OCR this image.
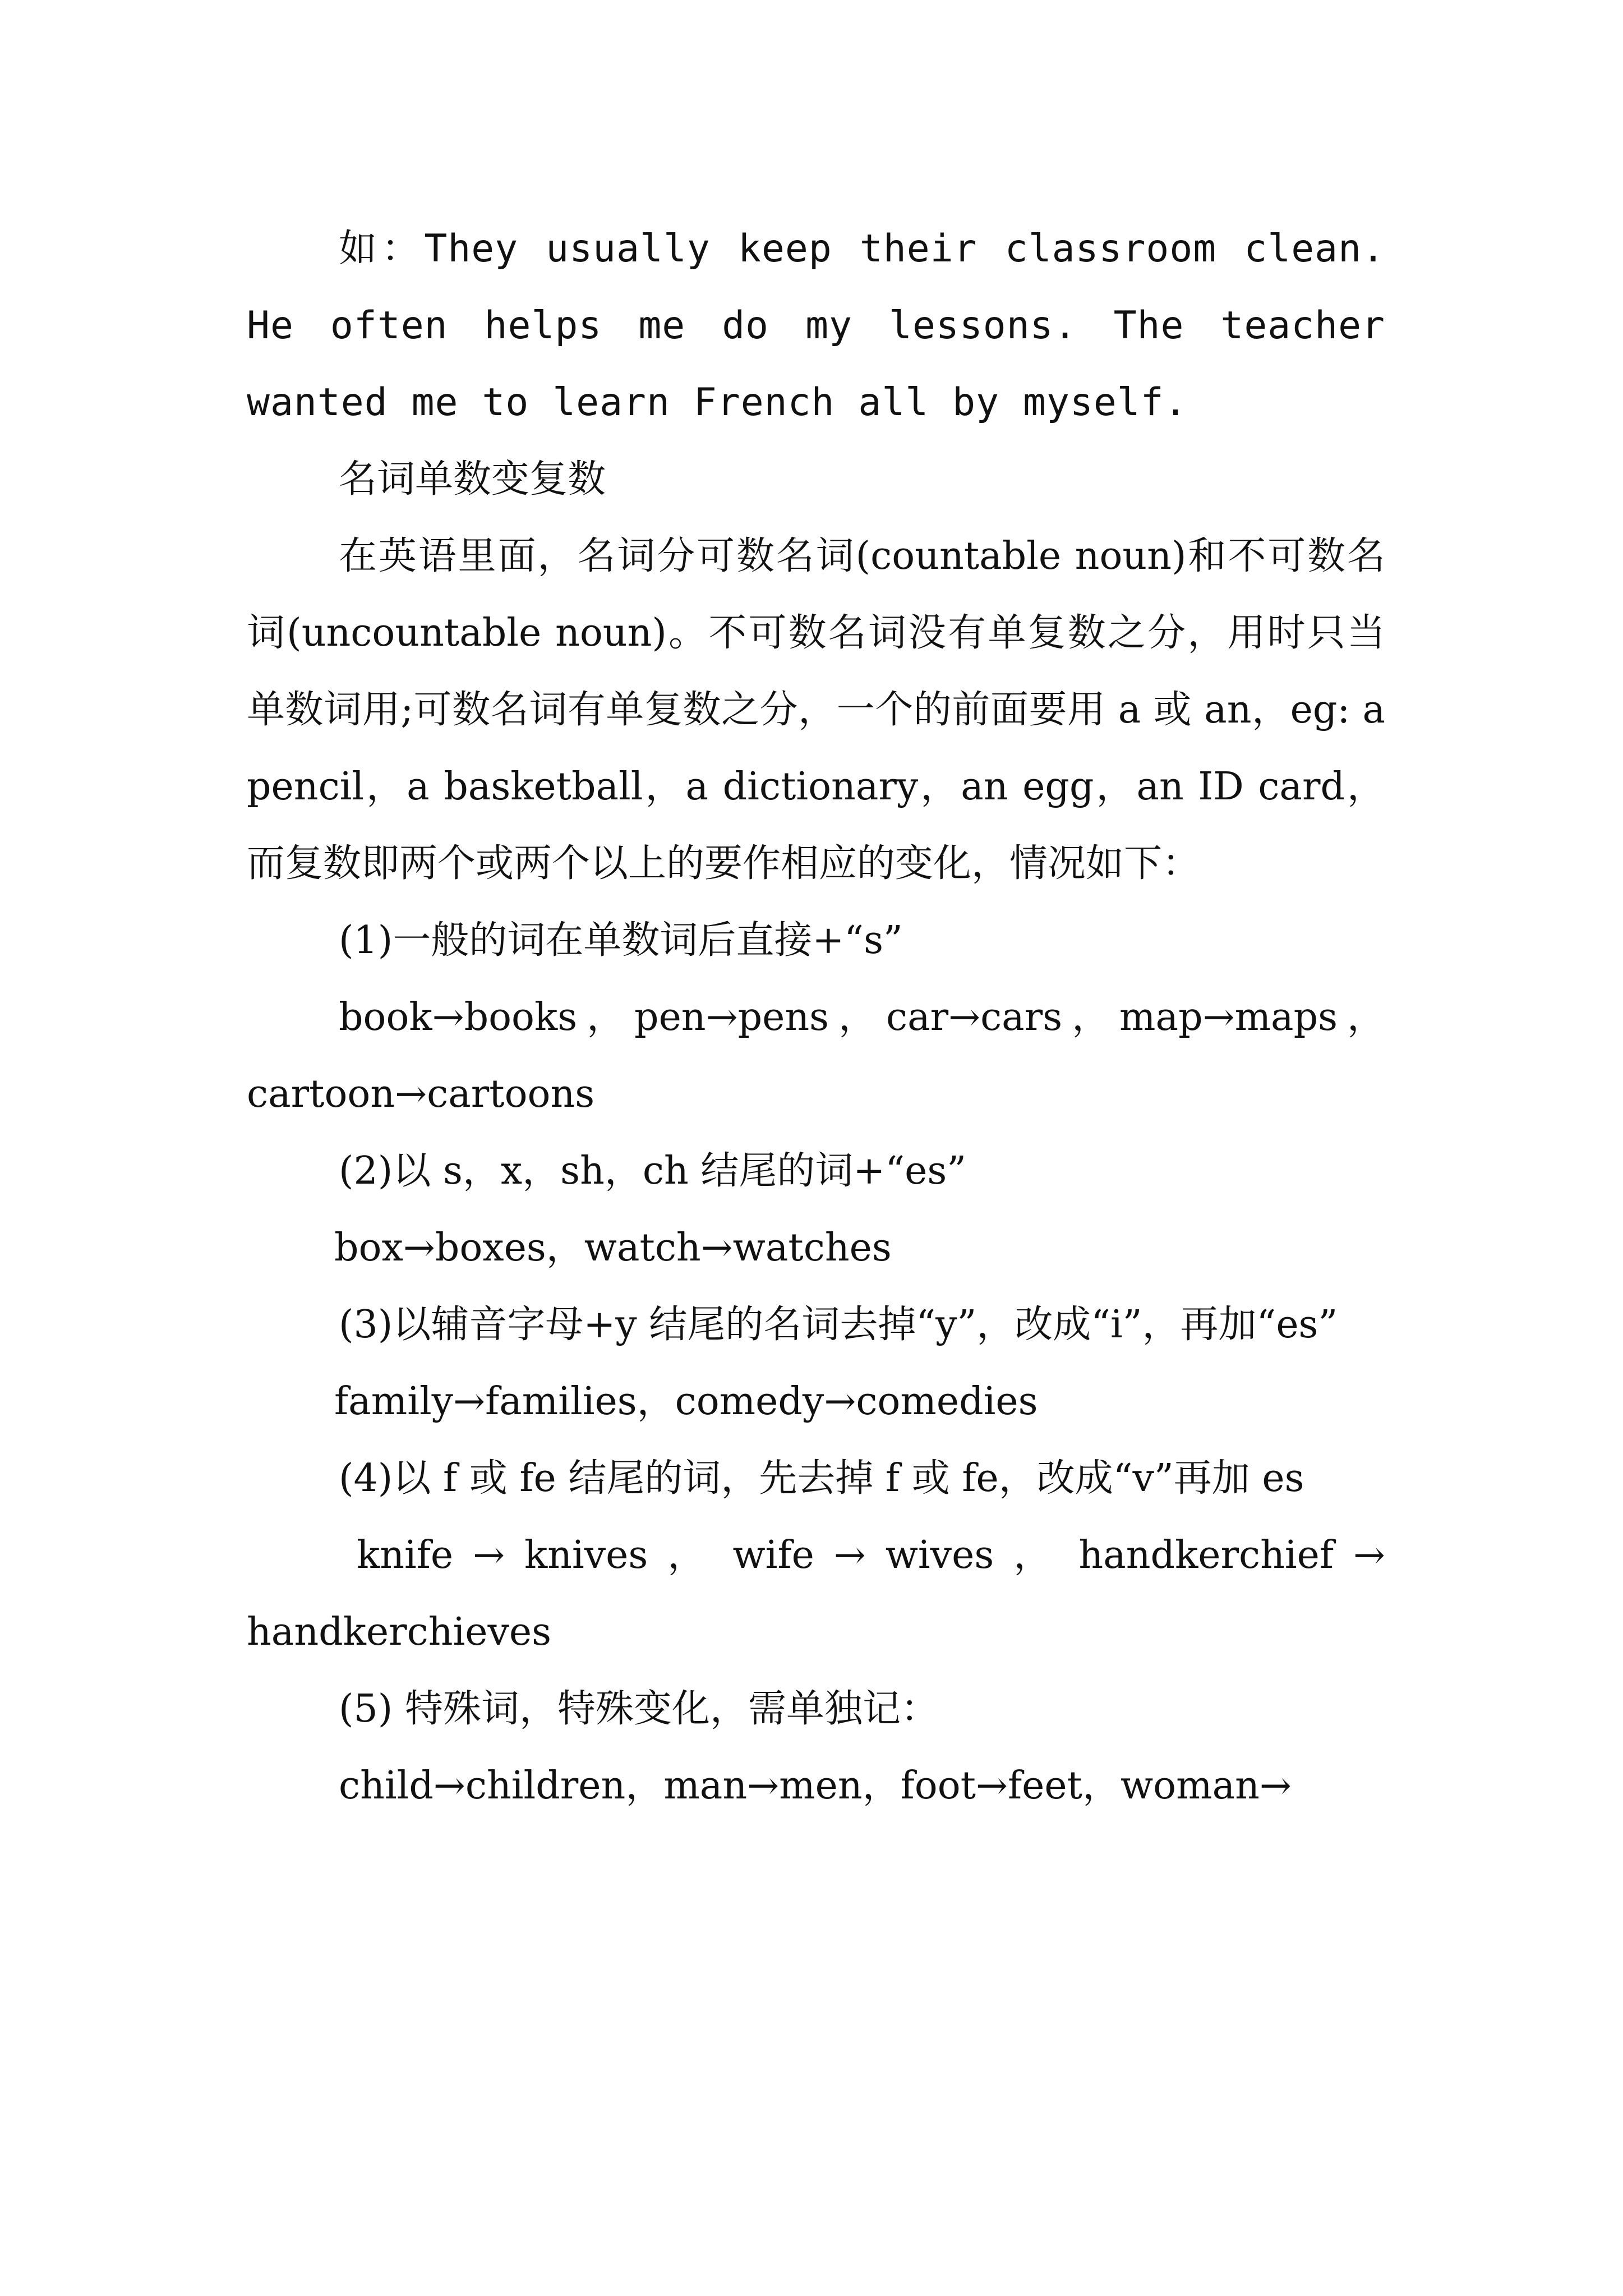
如：They usually keep their classroom clean. He often helps me do my lessons. The teacher wanted me to learn French all by myself.

名词单数变复数

在英语里面，名词分可数名词(countable noun)和不可数名词(uncountable noun)。不可数名词没有单复数之分，用时只当单数词用;可数名词有单复数之分，一个的前面要用 a 或 an，eg: a pencil，a basketball，a dictionary，an egg，an ID card，而复数即两个或两个以上的要作相应的变化，情况如下：

(1)一般的词在单数词后直接+“s”

book→books，pen→pens，car→cars，map→maps，cartoon→cartoons

(2)以 s，x，sh，ch 结尾的词+“es”

box→boxes，watch→watches

(3)以辅音字母+y 结尾的名词去掉“y”，改成“i”，再加“es”

family→families，comedy→comedies

(4)以 f 或 fe 结尾的词，先去掉 f 或 fe，改成“v”再加 es

knife → knives ， wife → wives ， handkerchief → handkerchieves

(5) 特殊词，特殊变化，需单独记：

child→children，man→men，foot→feet，woman→
